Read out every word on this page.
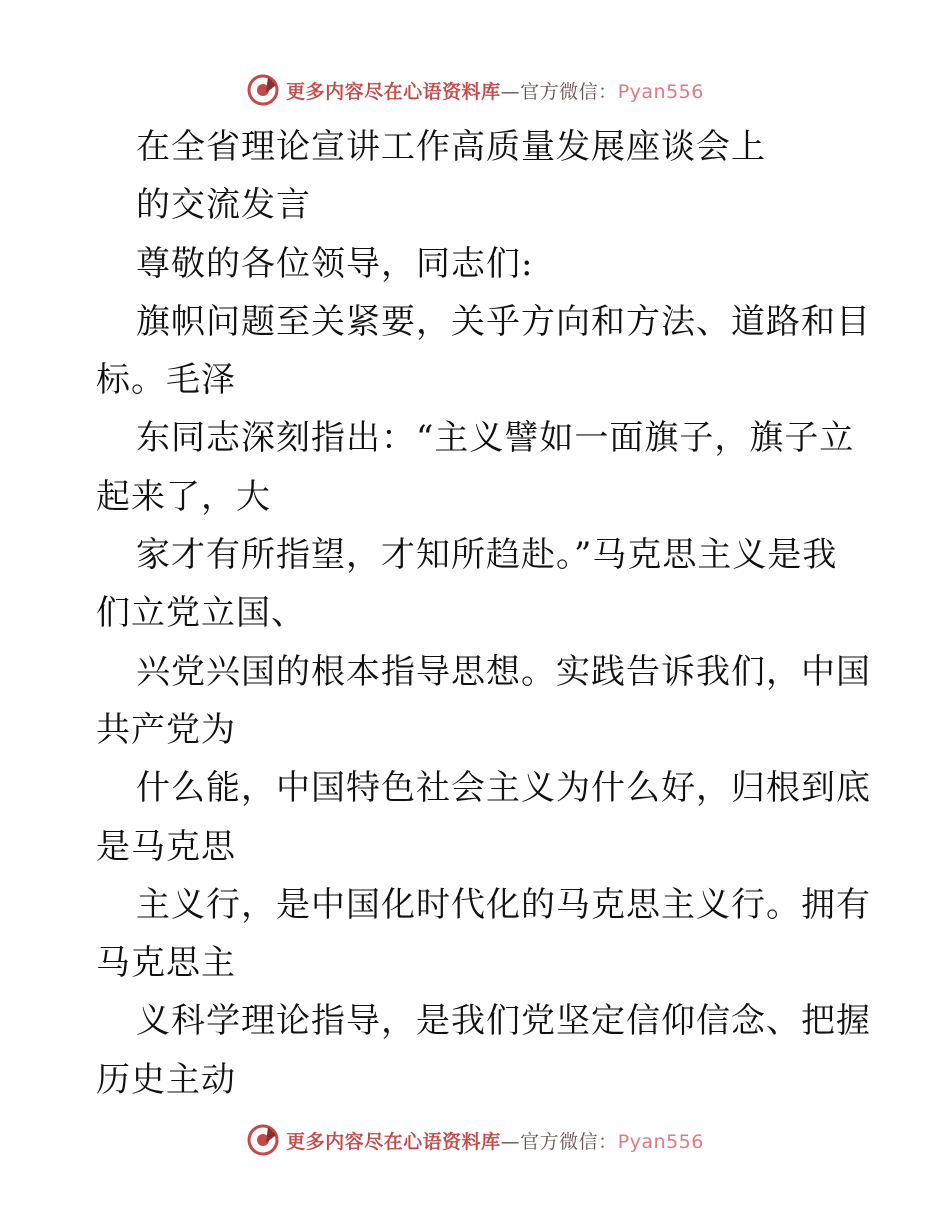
更多内容尽在心语资料库—官方微信：Pyan556
在全省理论宣讲工作高质量发展座谈会上
的交流发言
尊敬的各位领导，同志们:
旗帜问题至关紧要，关乎方向和方法、道路和目
标。毛泽
东同志深刻指出：“主义譬如一面旗子，旗子立
起来了，大
家才有所指望，才知所趋赴。”马克思主义是我
们立党立国、
兴党兴国的根本指导思想。实践告诉我们，中国
共产党为
什么能，中国特色社会主义为什么好，归根到底
是马克思
主义行，是中国化时代化的马克思主义行。拥有
马克思主
义科学理论指导，是我们党坚定信仰信念、把握
历史主动
更多内容尽在心语资料库—官方微信：Pyan556
